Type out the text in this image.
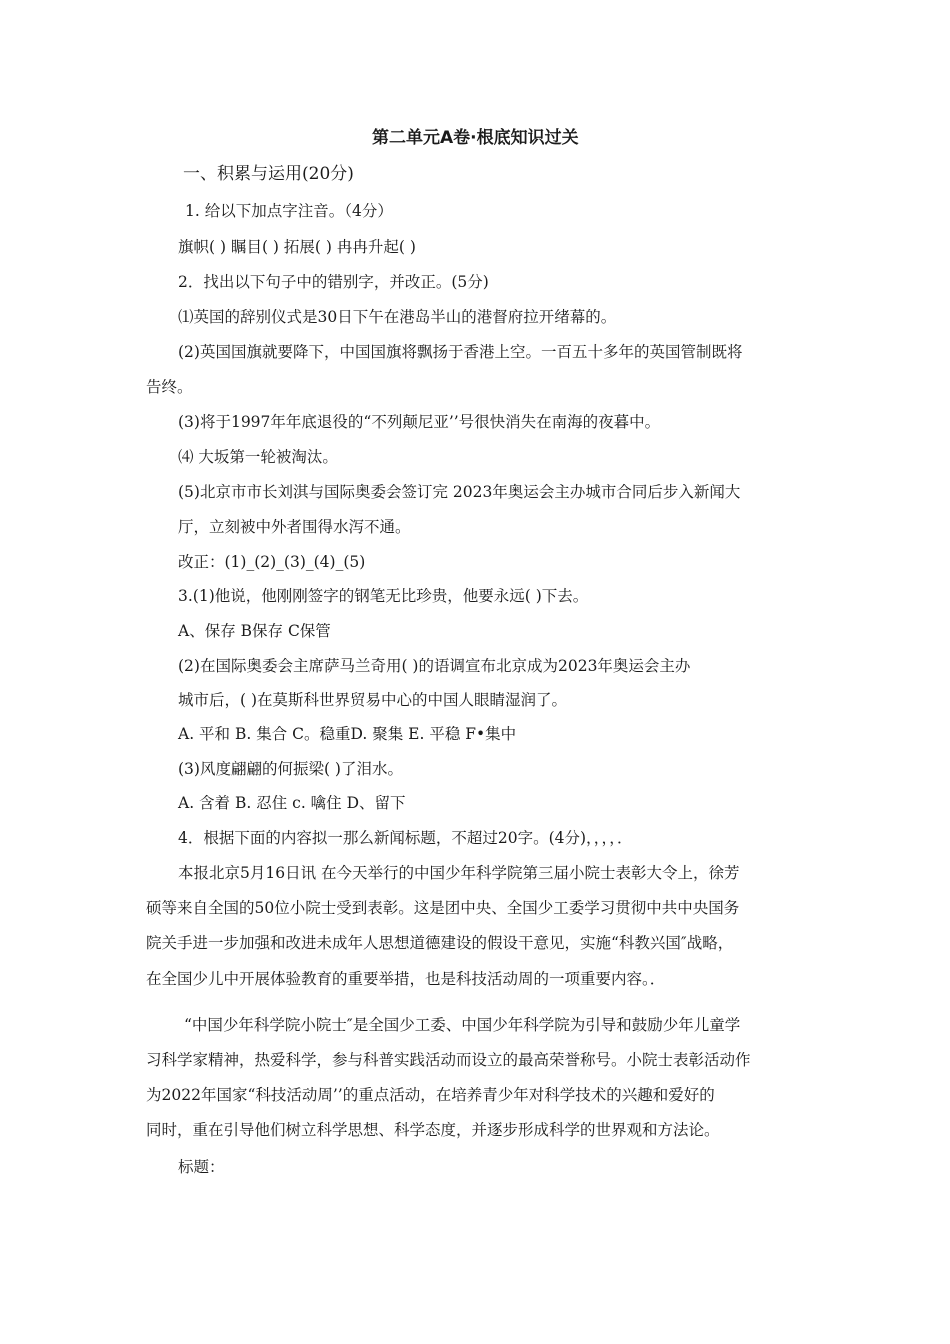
第二单元A卷·根底知识过关
一、积累与运用(20分)
1. 给以下加点字注音。（4分）
旗帜( ) 瞩目( ) 拓展( ) 冉冉升起( )
2．找出以下句子中的错别字，并改正。(5分)
⑴英国的辞别仪式是30日下午在港岛半山的港督府拉开绪幕的。
(2)英国国旗就要降下，中国国旗将飘扬于香港上空。一百五十多年的英国管制既将
告终。
(3)将于1997年年底退役的“不列颠尼亚’’号很快消失在南海的夜暮中。
⑷ 大坂第一轮被淘汰。
(5)北京市市长刘淇与国际奥委会签订完 2023年奥运会主办城市合同后步入新闻大
厅，立刻被中外者围得水泻不通。
改正：(1)_(2)_(3)_(4)_(5)
3.(1)他说，他刚刚签字的钢笔无比珍贵，他要永远( )下去。
A、保存 B保存 C保管
(2)在国际奥委会主席萨马兰奇用( )的语调宣布北京成为2023年奥运会主办
城市后，( )在莫斯科世界贸易中心的中国人眼睛湿润了。
A. 平和 B. 集合 C。稳重D. 聚集 E. 平稳 F•集中
(3)风度翩翩的何振梁( )了泪水。
A. 含着 B. 忍住 c. 噙住 D、留下
4．根据下面的内容拟一那么新闻标题，不超过20字。(4分)，，，，．
本报北京5月16日讯 在今天举行的中国少年科学院第三届小院士表彰大令上，徐芳
硕等来自全国的50位小院士受到表彰。这是团中央、全国少工委学习贯彻中共中央国务
院关手进一步加强和改进未成年人思想道德建设的假设干意见，实施“科教兴国″战略，
在全国少儿中开展体验教育的重要举措，也是科技活动周的一项重要内容。．
“中国少年科学院小院士″是全国少工委、中国少年科学院为引导和鼓励少年儿童学
习科学家精神，热爱科学，参与科普实践活动而设立的最高荣誉称号。小院士表彰活动作
为2022年国家“科技活动周’’的重点活动，在培养青少年对科学技术的兴趣和爱好的
同时，重在引导他们树立科学思想、科学态度，并逐步形成科学的世界观和方法论。
标题：
